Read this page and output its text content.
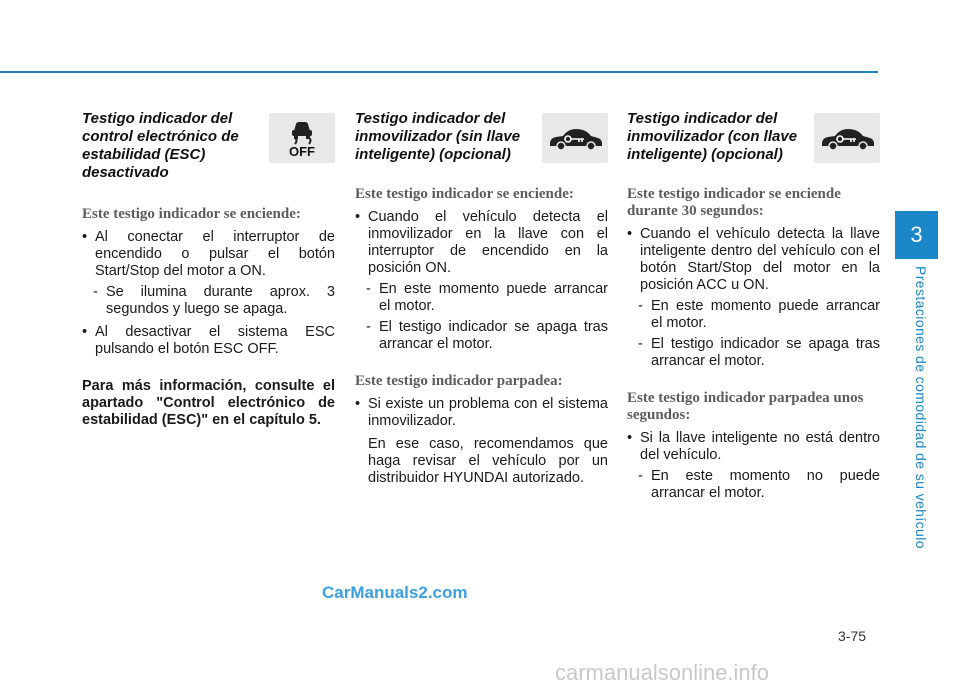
3
Prestaciones de comodidad de su vehículo

Testigo indicador del control electrónico de estabilidad (ESC) desactivado

OFF

Este testigo indicador se enciende:

• Al conectar el interruptor de encendido o pulsar el botón Start/Stop del motor a ON.

- Se ilumina durante aprox. 3 segundos y luego se apaga.

• Al desactivar el sistema ESC pulsando el botón ESC OFF.

Para más información, consulte el apartado "Control electrónico de estabilidad (ESC)" en el capítulo 5.

Testigo indicador del inmovilizador (sin llave inteligente) (opcional)

Este testigo indicador se enciende:

• Cuando el vehículo detecta el inmovilizador en la llave con el interruptor de encendido en la posición ON.

- En este momento puede arrancar el motor.

- El testigo indicador se apaga tras arrancar el motor.

Este testigo indicador parpadea:

• Si existe un problema con el sistema inmovilizador.

En ese caso, recomendamos que haga revisar el vehículo por un distribuidor HYUNDAI autorizado.

Testigo indicador del inmovilizador (con llave inteligente) (opcional)

Este testigo indicador se enciende durante 30 segundos:

• Cuando el vehículo detecta la llave inteligente dentro del vehículo con el botón Start/Stop del motor en la posición ACC u ON.

- En este momento puede arrancar el motor.

- El testigo indicador se apaga tras arrancar el motor.

Este testigo indicador parpadea unos segundos:

• Si la llave inteligente no está dentro del vehículo.

- En este momento no puede arrancar el motor.

3-75
CarManuals2.com
carmanualsonline.info
